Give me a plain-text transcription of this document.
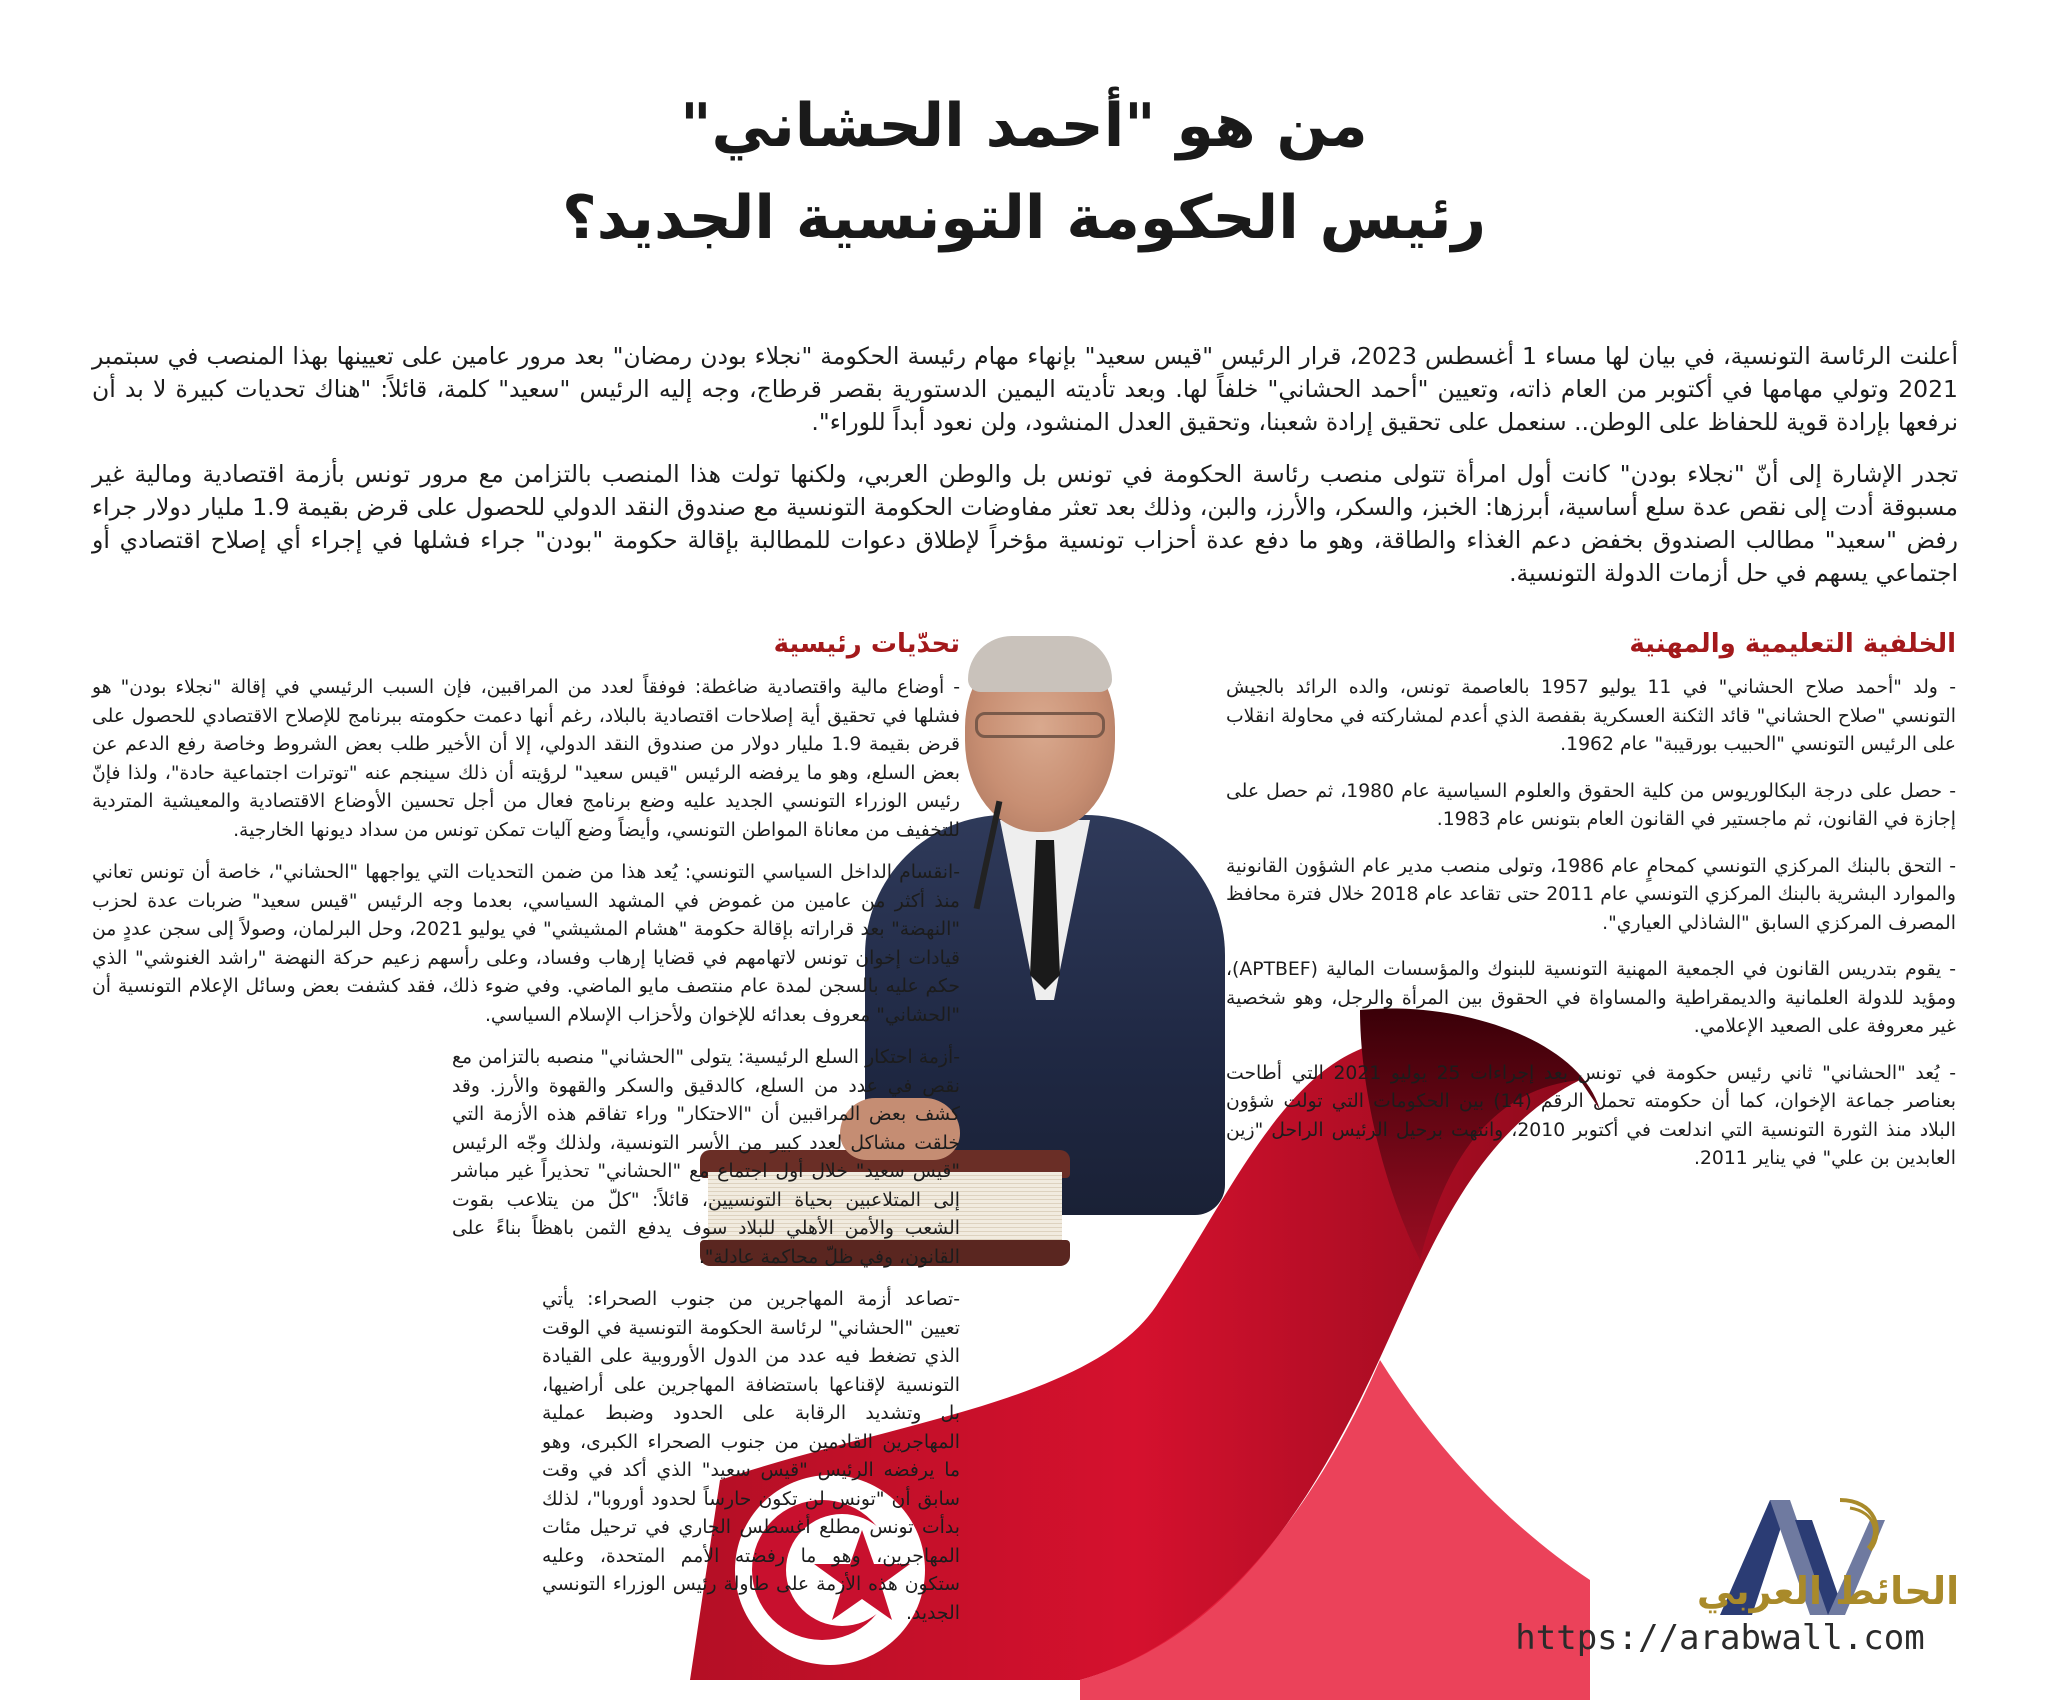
من هو "أحمد الحشاني"
رئيس الحكومة التونسية الجديد؟

أعلنت الرئاسة التونسية، في بيان لها مساء 1 أغسطس 2023، قرار الرئيس "قيس سعيد" بإنهاء مهام رئيسة الحكومة "نجلاء بودن رمضان" بعد مرور عامين على تعيينها بهذا المنصب في سبتمبر 2021 وتولي مهامها في أكتوبر من العام ذاته، وتعيين "أحمد الحشاني" خلفاً لها. وبعد تأديته اليمين الدستورية بقصر قرطاج، وجه إليه الرئيس "سعيد" كلمة، قائلاً: "هناك تحديات كبيرة لا بد أن نرفعها بإرادة قوية للحفاظ على الوطن.. سنعمل على تحقيق إرادة شعبنا، وتحقيق العدل المنشود، ولن نعود أبداً للوراء".

تجدر الإشارة إلى أنّ "نجلاء بودن" كانت أول امرأة تتولى منصب رئاسة الحكومة في تونس بل والوطن العربي، ولكنها تولت هذا المنصب بالتزامن مع مرور تونس بأزمة اقتصادية ومالية غير مسبوقة أدت إلى نقص عدة سلع أساسية، أبرزها: الخبز، والسكر، والأرز، والبن، وذلك بعد تعثر مفاوضات الحكومة التونسية مع صندوق النقد الدولي للحصول على قرض بقيمة 1.9 مليار دولار جراء رفض "سعيد" مطالب الصندوق بخفض دعم الغذاء والطاقة، وهو ما دفع عدة أحزاب تونسية مؤخراً لإطلاق دعوات للمطالبة بإقالة حكومة "بودن" جراء فشلها في إجراء أي إصلاح اقتصادي أو اجتماعي يسهم في حل أزمات الدولة التونسية.

الخلفية التعليمية والمهنية

- ولد "أحمد صلاح الحشاني" في 11 يوليو 1957 بالعاصمة تونس، والده الرائد بالجيش التونسي "صلاح الحشاني" قائد الثكنة العسكرية بقفصة الذي أعدم لمشاركته في محاولة انقلاب على الرئيس التونسي "الحبيب بورقيبة" عام 1962.

- حصل على درجة البكالوريوس من كلية الحقوق والعلوم السياسية عام 1980، ثم حصل على إجازة في القانون، ثم ماجستير في القانون العام بتونس عام 1983.

- التحق بالبنك المركزي التونسي كمحامٍ عام 1986، وتولى منصب مدير عام الشؤون القانونية والموارد البشرية بالبنك المركزي التونسي عام 2011 حتى تقاعد عام 2018 خلال فترة محافظ المصرف المركزي السابق "الشاذلي العياري".

- يقوم بتدريس القانون في الجمعية المهنية التونسية للبنوك والمؤسسات المالية (APTBEF)، ومؤيد للدولة العلمانية والديمقراطية والمساواة في الحقوق بين المرأة والرجل، وهو شخصية غير معروفة على الصعيد الإعلامي.

- يُعد "الحشاني" ثاني رئيس حكومة في تونس بعد إجراءات 25 يوليو 2021 التي أطاحت بعناصر جماعة الإخوان، كما أن حكومته تحمل الرقم (14) بين الحكومات التي تولت شؤون البلاد منذ الثورة التونسية التي اندلعت في أكتوبر 2010، وانتهت برحيل الرئيس الراحل "زين العابدين بن علي" في يناير 2011.

تحدّيات رئيسية

- أوضاع مالية واقتصادية ضاغطة: فوفقاً لعدد من المراقبين، فإن السبب الرئيسي في إقالة "نجلاء بودن" هو فشلها في تحقيق أية إصلاحات اقتصادية بالبلاد، رغم أنها دعمت حكومته ببرنامج للإصلاح الاقتصادي للحصول على قرض بقيمة 1.9 مليار دولار من صندوق النقد الدولي، إلا أن الأخير طلب بعض الشروط وخاصة رفع الدعم عن بعض السلع، وهو ما يرفضه الرئيس "قيس سعيد" لرؤيته أن ذلك سينجم عنه "توترات اجتماعية حادة"، ولذا فإنّ رئيس الوزراء التونسي الجديد عليه وضع برنامج فعال من أجل تحسين الأوضاع الاقتصادية والمعيشية المتردية للتخفيف من معاناة المواطن التونسي، وأيضاً وضع آليات تمكن تونس من سداد ديونها الخارجية.

-انقسام الداخل السياسي التونسي: يُعد هذا من ضمن التحديات التي يواجهها "الحشاني"، خاصة أن تونس تعاني منذ أكثر من عامين من غموض في المشهد السياسي، بعدما وجه الرئيس "قيس سعيد" ضربات عدة لحزب "النهضة" بعد قراراته بإقالة حكومة "هشام المشيشي" في يوليو 2021، وحل البرلمان، وصولاً إلى سجن عددٍ من قيادات إخوان تونس لاتهامهم في قضايا إرهاب وفساد، وعلى رأسهم زعيم حركة النهضة "راشد الغنوشي" الذي حكم عليه بالسجن لمدة عام منتصف مايو الماضي. وفي ضوء ذلك، فقد كشفت بعض وسائل الإعلام التونسية أن "الحشاني" معروف بعدائه للإخوان ولأحزاب الإسلام السياسي.

-أزمة احتكار السلع الرئيسية: يتولى "الحشاني" منصبه بالتزامن مع نقص في عدد من السلع، كالدقيق والسكر والقهوة والأرز. وقد كشف بعض المراقبين أن "الاحتكار" وراء تفاقم هذه الأزمة التي خلقت مشاكل لعدد كبير من الأسر التونسية، ولذلك وجّه الرئيس "قيس سعيد" خلال أول اجتماع مع "الحشاني" تحذيراً غير مباشر إلى المتلاعبين بحياة التونسيين، قائلاً: "كلّ من يتلاعب بقوت الشعب والأمن الأهلي للبلاد سوف يدفع الثمن باهظاً بناءً على القانون، وفي ظلّ محاكمة عادلة".

-تصاعد أزمة المهاجرين من جنوب الصحراء: يأتي تعيين "الحشاني" لرئاسة الحكومة التونسية في الوقت الذي تضغط فيه عدد من الدول الأوروبية على القيادة التونسية لإقناعها باستضافة المهاجرين على أراضيها، بل وتشديد الرقابة على الحدود وضبط عملية المهاجرين القادمين من جنوب الصحراء الكبرى، وهو ما يرفضه الرئيس "قيس سعيد" الذي أكد في وقت سابق أن "تونس لن تكون حارساً لحدود أوروبا"، لذلك بدأت تونس مطلع أغسطس الجاري في ترحيل مئات المهاجرين، وهو ما رفضته الأمم المتحدة، وعليه ستكون هذه الأزمة على طاولة رئيس الوزراء التونسي الجديد.	الحائط العربي
https://arabwall.com
